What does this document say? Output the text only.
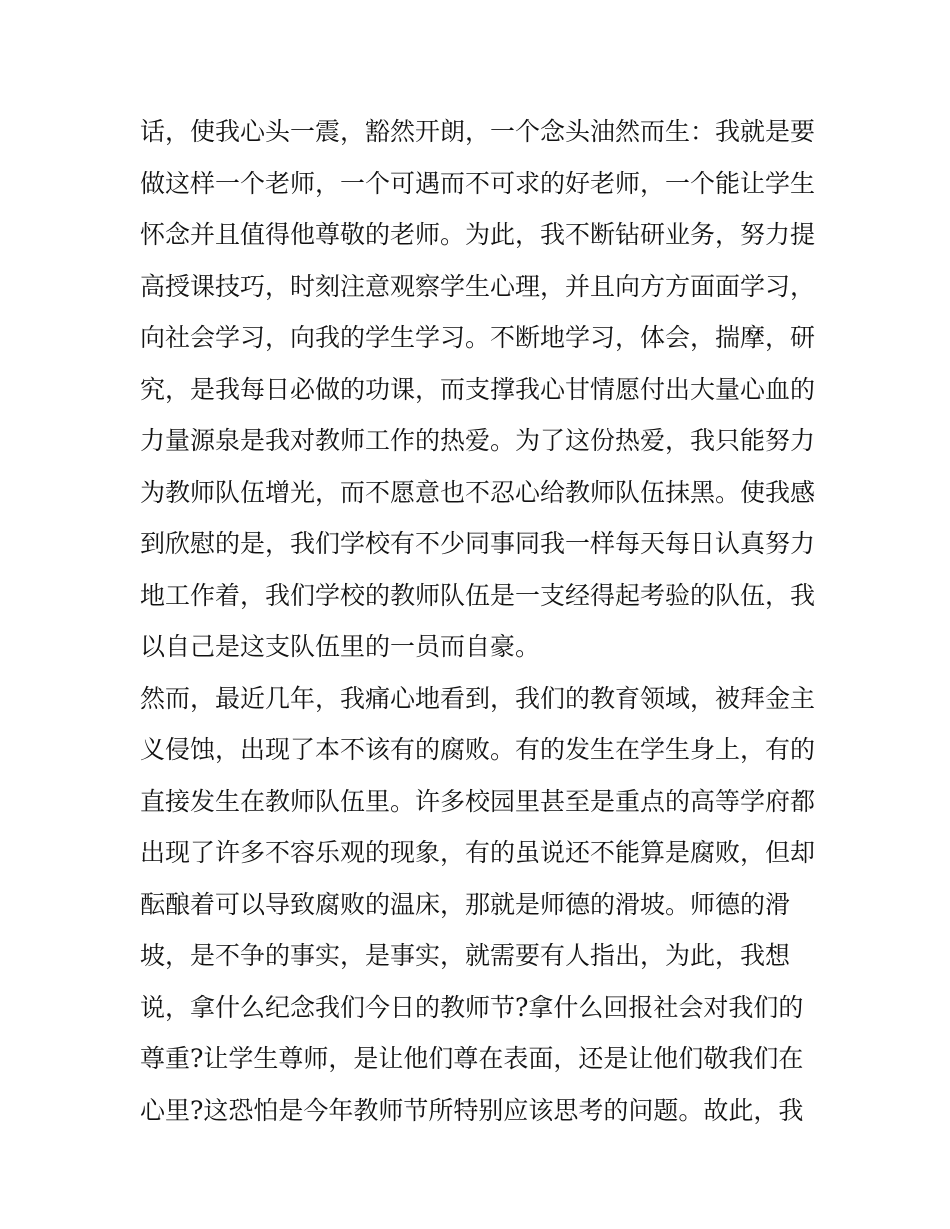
话，使我心头一震，豁然开朗，一个念头油然而生：我就是要
做这样一个老师，一个可遇而不可求的好老师，一个能让学生
怀念并且值得他尊敬的老师。为此，我不断钻研业务，努力提
高授课技巧，时刻注意观察学生心理，并且向方方面面学习，
向社会学习，向我的学生学习。不断地学习，体会，揣摩，研
究，是我每日必做的功课，而支撑我心甘情愿付出大量心血的
力量源泉是我对教师工作的热爱。为了这份热爱，我只能努力
为教师队伍增光，而不愿意也不忍心给教师队伍抹黑。使我感
到欣慰的是，我们学校有不少同事同我一样每天每日认真努力
地工作着，我们学校的教师队伍是一支经得起考验的队伍，我
以自己是这支队伍里的一员而自豪。
然而，最近几年，我痛心地看到，我们的教育领域，被拜金主
义侵蚀，出现了本不该有的腐败。有的发生在学生身上，有的
直接发生在教师队伍里。许多校园里甚至是重点的高等学府都
出现了许多不容乐观的现象，有的虽说还不能算是腐败，但却
酝酿着可以导致腐败的温床，那就是师德的滑坡。师德的滑
坡，是不争的事实，是事实，就需要有人指出，为此，我想
说，拿什么纪念我们今日的教师节?拿什么回报社会对我们的
尊重?让学生尊师，是让他们尊在表面，还是让他们敬我们在
心里?这恐怕是今年教师节所特别应该思考的问题。故此，我
